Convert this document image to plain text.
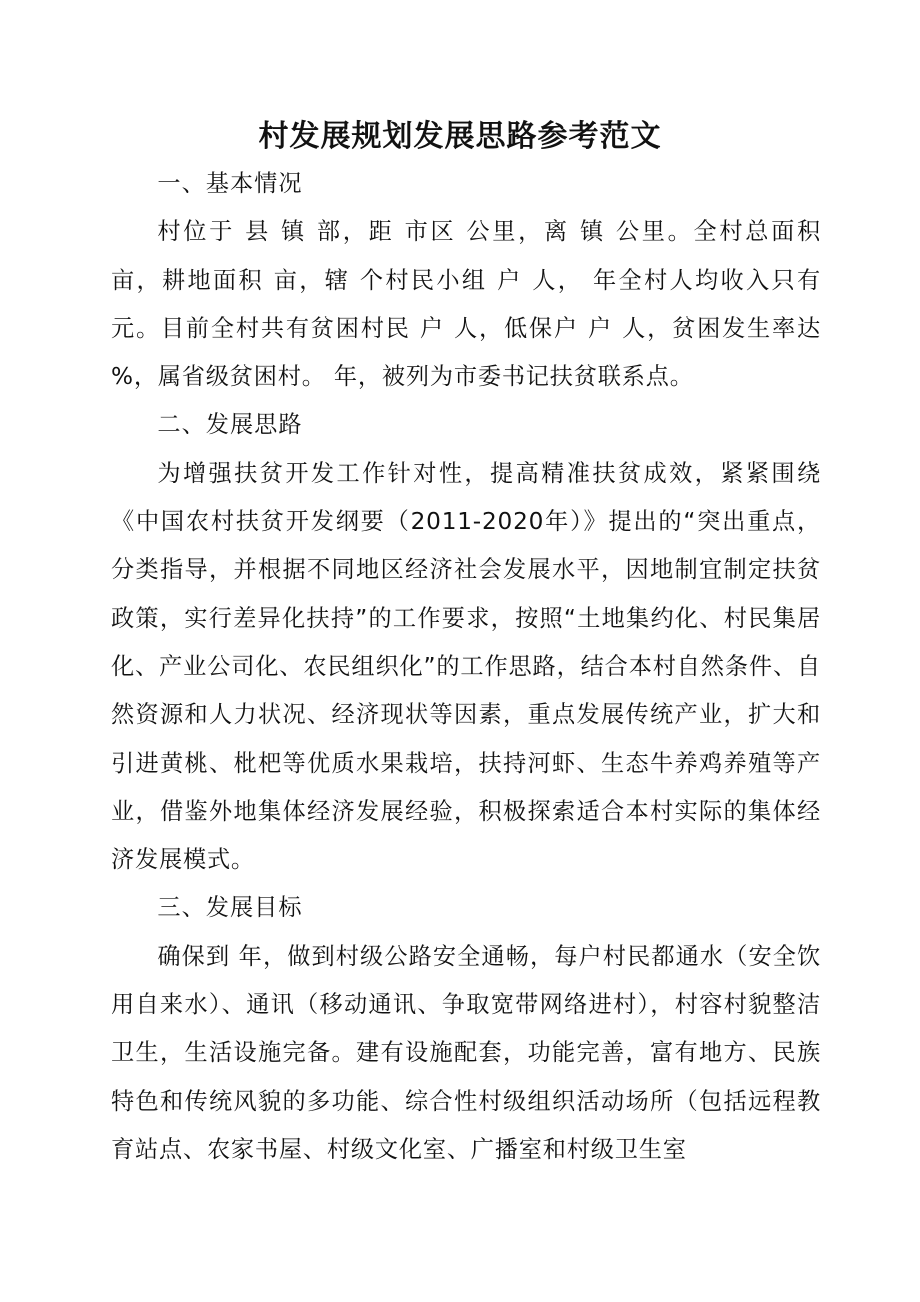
村发展规划发展思路参考范文

一、基本情况

村位于 县 镇 部，距 市区 公里，离 镇 公里。全村总面积 亩，耕地面积 亩，辖 个村民小组 户 人， 年全村人均收入只有 元。目前全村共有贫困村民 户 人，低保户 户 人，贫困发生率达 %，属省级贫困村。 年，被列为市委书记扶贫联系点。

二、发展思路

为增强扶贫开发工作针对性，提高精准扶贫成效，紧紧围绕《中国农村扶贫开发纲要（2011-2020年）》提出的“突出重点，分类指导，并根据不同地区经济社会发展水平，因地制宜制定扶贫政策，实行差异化扶持”的工作要求，按照“土地集约化、村民集居化、产业公司化、农民组织化”的工作思路，结合本村自然条件、自然资源和人力状况、经济现状等因素，重点发展传统产业，扩大和引进黄桃、枇杷等优质水果栽培，扶持河虾、生态牛养鸡养殖等产业，借鉴外地集体经济发展经验，积极探索适合本村实际的集体经济发展模式。

三、发展目标

确保到 年，做到村级公路安全通畅，每户村民都通水（安全饮用自来水）、通讯（移动通讯、争取宽带网络进村），村容村貌整洁卫生，生活设施完备。建有设施配套，功能完善，富有地方、民族特色和传统风貌的多功能、综合性村级组织活动场所（包括远程教育站点、农家书屋、村级文化室、广播室和村级卫生室
